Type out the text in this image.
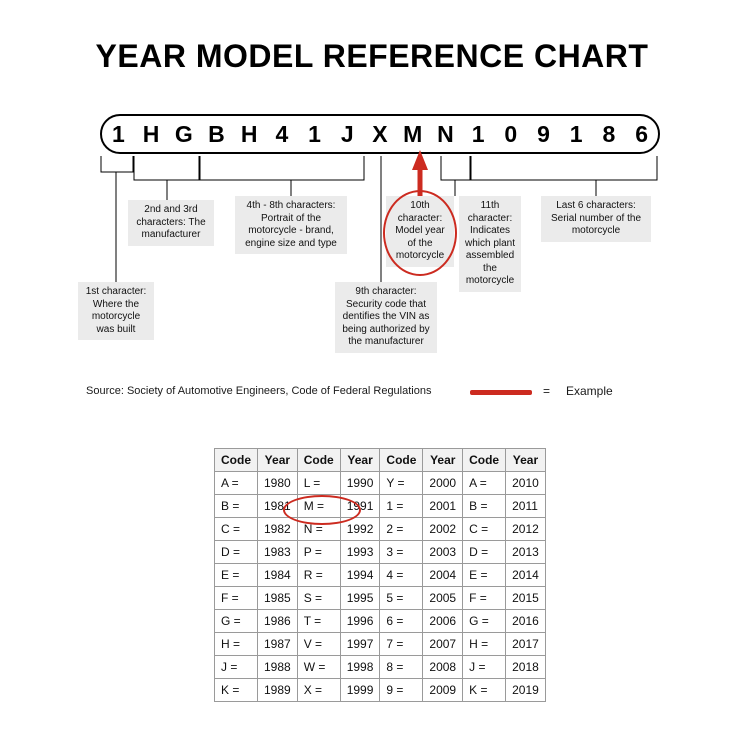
YEAR MODEL REFERENCE CHART
1 H G B H 4 1 J X M N 1 0 9 1 8 6
1st character: Where the motorcycle was built
2nd and 3rd characters: The manufacturer
4th - 8th characters: Portrait of the motorcycle - brand, engine size and type
9th character: Security code that dentifies the VIN as being authorized by the manufacturer
10th character: Model year of the motorcycle
11th character: Indicates which plant assembled the motorcycle
Last 6 characters: Serial number of the motorcycle
Source: Society of Automotive Engineers, Code of Federal Regulations	= Example
Code	Year	Code	Year	Code	Year	Code	Year
A =	1980	L =	1990	Y =	2000	A =	2010
B =	1981	M =	1991	1 =	2001	B =	2011
C =	1982	N =	1992	2 =	2002	C =	2012
D =	1983	P =	1993	3 =	2003	D =	2013
E =	1984	R =	1994	4 =	2004	E =	2014
F =	1985	S =	1995	5 =	2005	F =	2015
G =	1986	T =	1996	6 =	2006	G =	2016
H =	1987	V =	1997	7 =	2007	H =	2017
J =	1988	W =	1998	8 =	2008	J =	2018
K =	1989	X =	1999	9 =	2009	K =	2019
